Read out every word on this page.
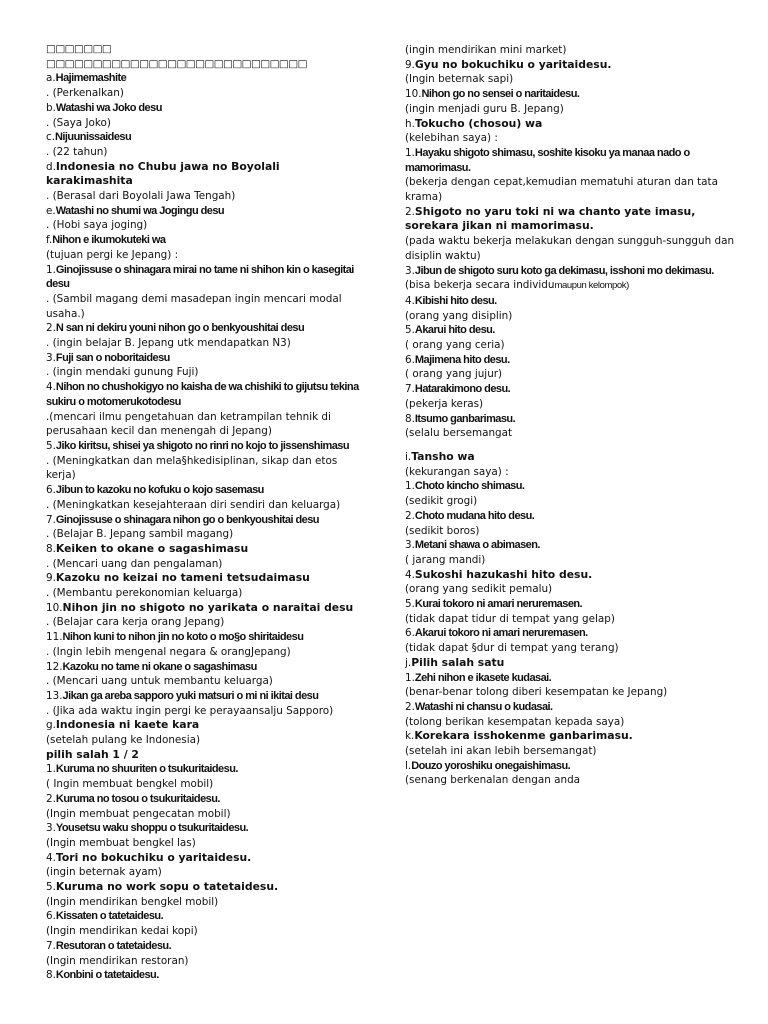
□□□□□□□
□□□□□□□□□□□□□□□□□□□□□□□□□□□□
a.Hajimemashite
. (Perkenalkan)
b.Watashi wa Joko desu
. (Saya Joko)
c.Nijuunissaidesu
. (22 tahun)
d.Indonesia no Chubu jawa no Boyolali karakimashita
. (Berasal dari Boyolali Jawa Tengah)
e.Watashi no shumi wa Jogingu desu
. (Hobi saya joging)
f.Nihon e ikumokuteki wa
(tujuan pergi ke Jepang) :
1.Ginojissuse o shinagara mirai no tame ni shihon kin o kasegitai desu
. (Sambil magang demi masadepan ingin mencari modal usaha.)
2.N san ni dekiru youni nihon go o benkyoushitai desu
. (ingin belajar B. Jepang utk mendapatkan N3)
3.Fuji san o noboritaidesu
. (ingin mendaki gunung Fuji)
4.Nihon no chushokigyo no kaisha de wa chishiki to gijutsu tekina sukiru o motomerukotodesu
.(mencari ilmu pengetahuan dan ketrampilan tehnik di perusahaan kecil dan menengah di Jepang)
5.Jiko kiritsu, shisei ya shigoto no rinri no kojo to jissenshimasu
. (Meningkatkan dan mela§hkedisiplinan, sikap dan etos kerja)
6.Jibun to kazoku no kofuku o kojo sasemasu
. (Meningkatkan kesejahteraan diri sendiri dan keluarga)
7.Ginojissuse o shinagara nihon go o benkyoushitai desu
. (Belajar B. Jepang sambil magang)
8.Keiken to okane o sagashimasu
. (Mencari uang dan pengalaman)
9.Kazoku no keizai no tameni tetsudaimasu
. (Membantu perekonomian keluarga)
10.Nihon jin no shigoto no yarikata o naraitai desu
. (Belajar cara kerja orang Jepang)
11.Nihon kuni to nihon jin no koto o mo§o shiritaidesu
. (Ingin lebih mengenal negara & orangJepang)
12.Kazoku no tame ni okane o sagashimasu
. (Mencari uang untuk membantu keluarga)
13.Jikan ga areba sapporo yuki matsuri o mi ni ikitai desu
. (Jika ada waktu ingin pergi ke perayaansalju Sapporo)
g.Indonesia ni kaete kara
(setelah pulang ke Indonesia)
pilih salah 1 / 2
1.Kuruma no shuuriten o tsukuritaidesu.
( Ingin membuat bengkel mobil)
2.Kuruma no tosou o tsukuritaidesu.
(Ingin membuat pengecatan mobil)
3.Yousetsu waku shoppu o tsukuritaidesu.
(Ingin membuat bengkel las)
4.Tori no bokuchiku o yaritaidesu.
(ingin beternak ayam)
5.Kuruma no work sopu o tatetaidesu.
(Ingin mendirikan bengkel mobil)
6.Kissaten o tatetaidesu.
(Ingin mendirikan kedai kopi)
7.Resutoran o tatetaidesu.
(Ingin mendirikan restoran)
8.Konbini o tatetaidesu.
(ingin mendirikan mini market)
9.Gyu no bokuchiku o yaritaidesu.
(Ingin beternak sapi)
10.Nihon go no sensei o naritaidesu.
(ingin menjadi guru B. Jepang)
h.Tokucho (chosou) wa
(kelebihan saya) :
1.Hayaku shigoto shimasu, soshite kisoku ya manaa nado o mamorimasu.
(bekerja dengan cepat,kemudian mematuhi aturan dan tata krama)
2.Shigoto no yaru toki ni wa chanto yate imasu, sorekara jikan ni mamorimasu.
(pada waktu bekerja melakukan dengan sungguh-sungguh dan disiplin waktu)
3.Jibun de shigoto suru koto ga dekimasu, isshoni mo dekimasu.
(bisa bekerja secara individumaupun kelompok)
4.Kibishi hito desu.
(orang yang disiplin)
5.Akarui hito desu.
( orang yang ceria)
6.Majimena hito desu.
( orang yang jujur)
7.Hatarakimono desu.
(pekerja keras)
8.Itsumo ganbarimasu.
(selalu bersemangat
i.Tansho wa
(kekurangan saya) :
1.Choto kincho shimasu.
(sedikit grogi)
2.Choto mudana hito desu.
(sedikit boros)
3.Metani shawa o abimasen.
( jarang mandi)
4.Sukoshi hazukashi hito desu.
(orang yang sedikit pemalu)
5.Kurai tokoro ni amari neruremasen.
(tidak dapat tidur di tempat yang gelap)
6.Akarui tokoro ni amari neruremasen.
(tidak dapat §dur di tempat yang terang)
j.Pilih salah satu
1.Zehi nihon e ikasete kudasai.
(benar-benar tolong diberi kesempatan ke Jepang)
2.Watashi ni chansu o kudasai.
(tolong berikan kesempatan kepada saya)
k.Korekara isshokenme ganbarimasu.
(setelah ini akan lebih bersemangat)
l.Douzo yoroshiku onegaishimasu.
(senang berkenalan dengan anda
